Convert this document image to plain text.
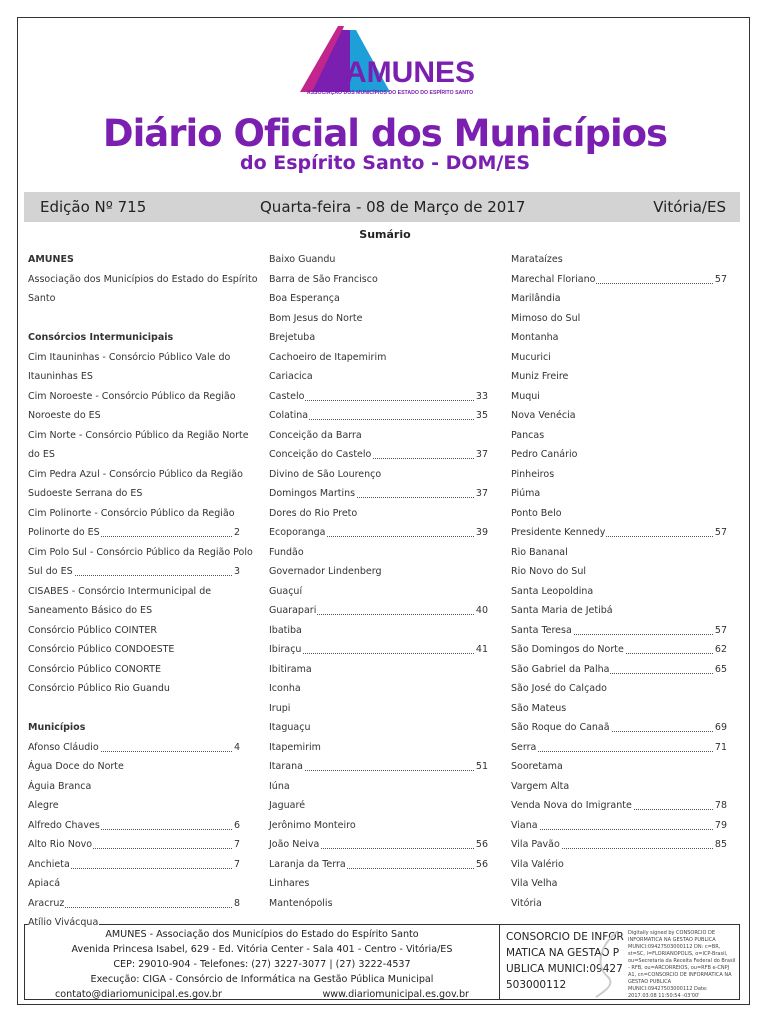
AMUNES
ASSOCIAÇÃO DOS MUNICÍPIOS DO ESTADO DO ESPÍRITO SANTO
Diário Oficial dos Municípios
do Espírito Santo - DOM/ES
Edição Nº 715	Quarta-feira - 08 de Março de 2017	Vitória/ES
Sumário
AMUNES
Associação dos Municípios do Estado do Espírito
Santo
Consórcios Intermunicipais
Cim Itauninhas - Consórcio Público Vale do
Itauninhas ES
Cim Noroeste - Consórcio Público da Região
Noroeste do ES
Cim Norte - Consórcio Público da Região Norte
do ES
Cim Pedra Azul - Consórcio Público da Região
Sudoeste Serrana do ES
Cim Polinorte - Consórcio Público da Região
Polinorte do ES	2
Cim Polo Sul - Consórcio Público da Região Polo
Sul do ES	3
CISABES - Consórcio Intermunicipal de
Saneamento Básico do ES
Consórcio Público COINTER
Consórcio Público CONDOESTE
Consórcio Público CONORTE
Consórcio Público Rio Guandu
Municípios
Afonso Cláudio	4
Água Doce do Norte
Águia Branca
Alegre
Alfredo Chaves	6
Alto Rio Novo	7
Anchieta	7
Apiacá
Aracruz	8
Atílio Vivácqua
Baixo Guandu
Barra de São Francisco
Boa Esperança
Bom Jesus do Norte
Brejetuba
Cachoeiro de Itapemirim
Cariacica
Castelo	33
Colatina	35
Conceição da Barra
Conceição do Castelo	37
Divino de São Lourenço
Domingos Martins	37
Dores do Rio Preto
Ecoporanga	39
Fundão
Governador Lindenberg
Guaçuí
Guarapari	40
Ibatiba
Ibiraçu	41
Ibitirama
Iconha
Irupi
Itaguaçu
Itapemirim
Itarana	51
Iúna
Jaguaré
Jerônimo Monteiro
João Neiva	56
Laranja da Terra	56
Linhares
Mantenópolis
Marataízes
Marechal Floriano	57
Marilândia
Mimoso do Sul
Montanha
Mucurici
Muniz Freire
Muqui
Nova Venécia
Pancas
Pedro Canário
Pinheiros
Piúma
Ponto Belo
Presidente Kennedy	57
Rio Bananal
Rio Novo do Sul
Santa Leopoldina
Santa Maria de Jetibá
Santa Teresa	57
São Domingos do Norte	62
São Gabriel da Palha	65
São José do Calçado
São Mateus
São Roque do Canaã	69
Serra	71
Sooretama
Vargem Alta
Venda Nova do Imigrante	78
Viana	79
Vila Pavão	85
Vila Valério
Vila Velha
Vitória
AMUNES - Associação dos Municípios do Estado do Espírito Santo
Avenida Princesa Isabel, 629 - Ed. Vitória Center - Sala 401 - Centro - Vitória/ES
CEP: 29010-904 - Telefones: (27) 3227-3077 | (27) 3222-4537
Execução: CIGA - Consórcio de Informática na Gestão Pública Municipal
contato@diariomunicipal.es.gov.br	www.diariomunicipal.es.gov.br
CONSORCIO DE INFORMATICA NA GESTAO PUBLICA MUNICI:09427503000112
Digitally signed by CONSORCIO DE INFORMATICA NA GESTAO PUBLICA MUNICI:09427503000112 DN: c=BR, st=SC, l=FLORIANOPOLIS, o=ICP-Brasil, ou=Secretaria da Receita Federal do Brasil - RFB, ou=ARCORREIOS, ou=RFB e-CNPJ A1, cn=CONSORCIO DE INFORMATICA NA GESTAO PUBLICA MUNICI:09427503000112 Date: 2017.03.08 11:50:54 -03'00'
